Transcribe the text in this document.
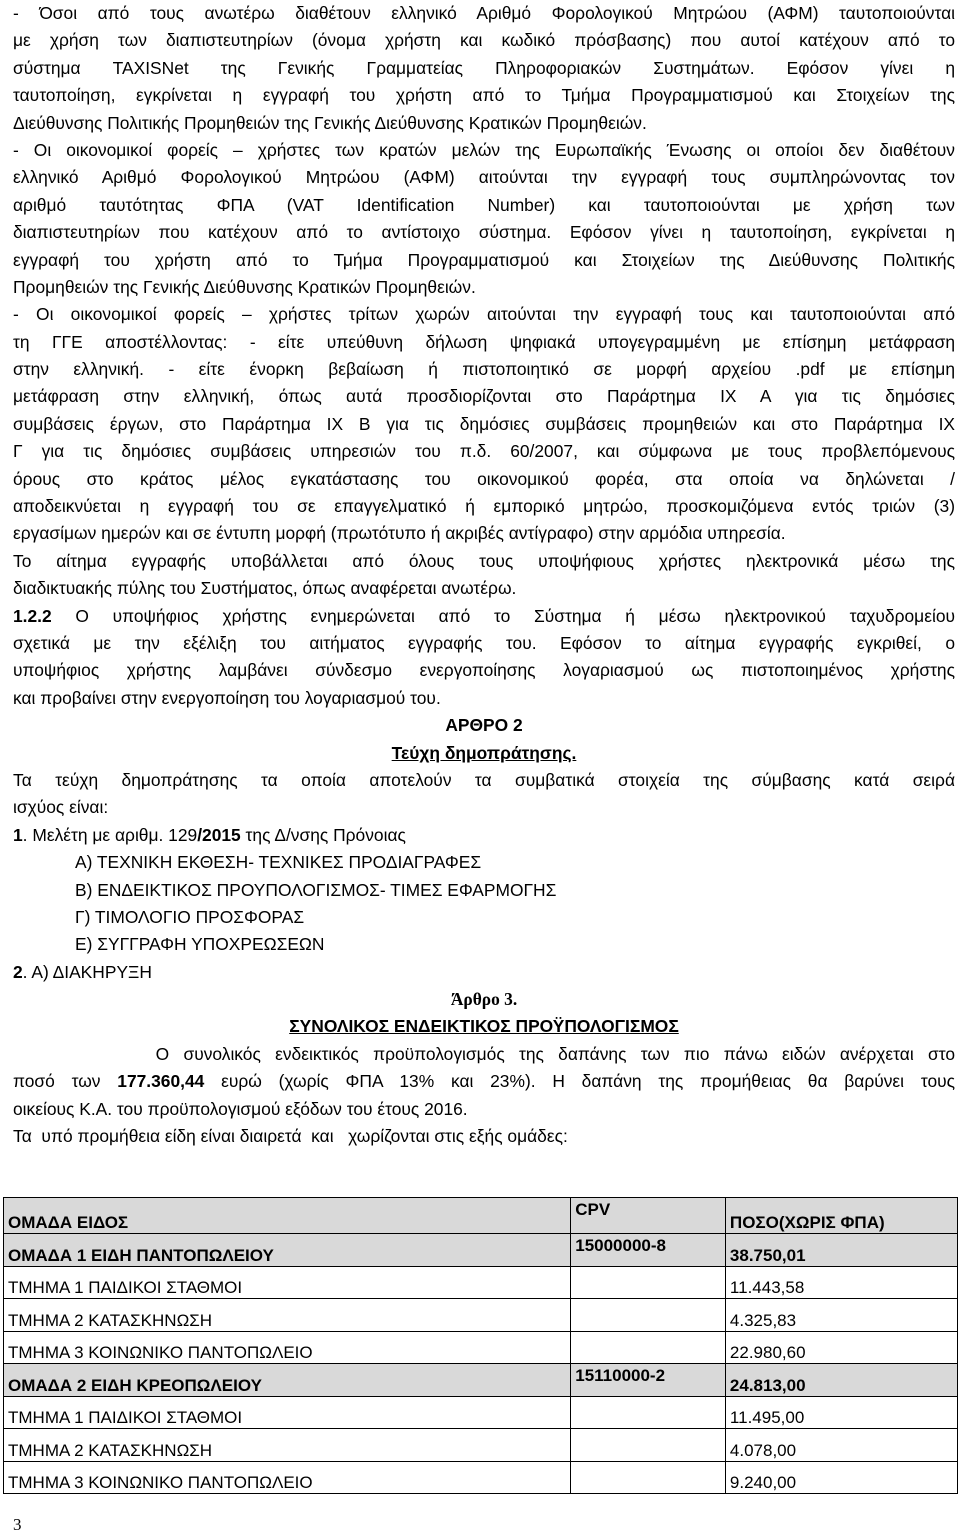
- Όσοι από τους ανωτέρω διαθέτουν ελληνικό Αριθμό Φορολογικού Μητρώου (ΑΦΜ) ταυτοποιούνται
με χρήση των διαπιστευτηρίων (όνομα χρήστη και κωδικό πρόσβασης) που αυτοί κατέχουν από το
σύστημα TAXISNet της Γενικής Γραμματείας Πληροφοριακών Συστημάτων. Εφόσον γίνει η
ταυτοποίηση, εγκρίνεται η εγγραφή του χρήστη από το Τμήμα Προγραμματισμού και Στοιχείων της
Διεύθυνσης Πολιτικής Προμηθειών της Γενικής Διεύθυνσης Κρατικών Προμηθειών.
- Οι οικονομικοί φορείς – χρήστες των κρατών μελών της Ευρωπαϊκής Ένωσης οι οποίοι δεν διαθέτουν
ελληνικό Αριθμό Φορολογικού Μητρώου (ΑΦΜ) αιτούνται την εγγραφή τους συμπληρώνοντας τον
αριθμό ταυτότητας ΦΠΑ (VAT Identification Number) και ταυτοποιούνται με χρήση των
διαπιστευτηρίων που κατέχουν από το αντίστοιχο σύστημα. Εφόσον γίνει η ταυτοποίηση, εγκρίνεται η
εγγραφή του χρήστη από το Τμήμα Προγραμματισμού και Στοιχείων της Διεύθυνσης Πολιτικής
Προμηθειών της Γενικής Διεύθυνσης Κρατικών Προμηθειών.
- Οι οικονομικοί φορείς – χρήστες τρίτων χωρών αιτούνται την εγγραφή τους και ταυτοποιούνται από
τη ΓΓΕ αποστέλλοντας: - είτε υπεύθυνη δήλωση ψηφιακά υπογεγραμμένη με επίσημη μετάφραση
στην ελληνική. - είτε ένορκη βεβαίωση ή πιστοποιητικό σε μορφή αρχείου .pdf με επίσημη
μετάφραση στην ελληνική, όπως αυτά προσδιορίζονται στο Παράρτημα ΙΧ Α για τις δημόσιες
συμβάσεις έργων, στο Παράρτημα ΙΧ Β για τις δημόσιες συμβάσεις προμηθειών και στο Παράρτημα ΙΧ
Γ για τις δημόσιες συμβάσεις υπηρεσιών του π.δ. 60/2007, και σύμφωνα με τους προβλεπόμενους
όρους στο κράτος μέλος εγκατάστασης του οικονομικού φορέα, στα οποία να δηλώνεται /
αποδεικνύεται η εγγραφή του σε επαγγελματικό ή εμπορικό μητρώο, προσκομιζόμενα εντός τριών (3)
εργασίμων ημερών και σε έντυπη μορφή (πρωτότυπο ή ακριβές αντίγραφο) στην αρμόδια υπηρεσία.
Το αίτημα εγγραφής υποβάλλεται από όλους τους υποψήφιους χρήστες ηλεκτρονικά μέσω της
διαδικτυακής πύλης του Συστήματος, όπως αναφέρεται ανωτέρω.
1.2.2 Ο υποψήφιος χρήστης ενημερώνεται από το Σύστημα ή μέσω ηλεκτρονικού ταχυδρομείου
σχετικά με την εξέλιξη του αιτήματος εγγραφής του. Εφόσον το αίτημα εγγραφής εγκριθεί, ο
υποψήφιος χρήστης λαμβάνει σύνδεσμο ενεργοποίησης λογαριασμού ως πιστοποιημένος χρήστης
και προβαίνει στην ενεργοποίηση του λογαριασμού του.
ΑΡΘΡΟ 2
Τεύχη δημοπράτησης.
Τα τεύχη δημοπράτησης τα οποία αποτελούν τα συμβατικά στοιχεία της σύμβασης κατά σειρά
ισχύος είναι:
1. Μελέτη με αριθμ. 129/2015 της Δ/νσης Πρόνοιας
Α) ΤΕΧΝΙΚΗ ΕΚΘΕΣΗ- ΤΕΧΝΙΚΕΣ ΠΡΟΔΙΑΓΡΑΦΕΣ
Β) ΕΝΔΕΙΚΤΙΚΟΣ ΠΡΟΥΠΟΛΟΓΙΣΜΟΣ- ΤΙΜΕΣ ΕΦΑΡΜΟΓΗΣ
Γ) ΤΙΜΟΛΟΓΙΟ ΠΡΟΣΦΟΡΑΣ
Ε) ΣΥΓΓΡΑΦΗ ΥΠΟΧΡΕΩΣΕΩΝ
2. Α) ΔΙΑΚΗΡΥΞΗ
Άρθρο 3.
ΣΥΝΟΛΙΚΟΣ ΕΝΔΕΙΚΤΙΚΟΣ ΠΡΟΫΠΟΛΟΓΙΣΜΟΣ
Ο συνολικός ενδεικτικός προϋπολογισμός της δαπάνης των πιο πάνω ειδών ανέρχεται στο
ποσό των 177.360,44 ευρώ (χωρίς ΦΠΑ 13% και 23%). Η δαπάνη της προμήθειας θα βαρύνει τους
οικείους Κ.Α. του προϋπολογισμού εξόδων του έτους 2016.
Τα  υπό προμήθεια είδη είναι διαιρετά  και   χωρίζονται στις εξής ομάδες:
ΟΜΑΔΑ ΕΙΔΟΣ	CPV	ΠΟΣΟ(ΧΩΡΙΣ ΦΠΑ)
ΟΜΑΔΑ 1 ΕΙΔΗ ΠΑΝΤΟΠΩΛΕΙΟΥ	15000000-8	38.750,01
ΤΜΗΜΑ 1 ΠΑΙΔΙΚΟΙ ΣΤΑΘΜΟΙ		11.443,58
ΤΜΗΜΑ 2 ΚΑΤΑΣΚΗΝΩΣΗ		4.325,83
ΤΜΗΜΑ 3 ΚΟΙΝΩΝΙΚΟ ΠΑΝΤΟΠΩΛΕΙΟ		22.980,60
ΟΜΑΔΑ 2 ΕΙΔΗ ΚΡΕΟΠΩΛΕΙΟΥ	15110000-2	24.813,00
ΤΜΗΜΑ 1 ΠΑΙΔΙΚΟΙ ΣΤΑΘΜΟΙ		11.495,00
ΤΜΗΜΑ 2 ΚΑΤΑΣΚΗΝΩΣΗ		4.078,00
ΤΜΗΜΑ 3 ΚΟΙΝΩΝΙΚΟ ΠΑΝΤΟΠΩΛΕΙΟ		9.240,00
3
